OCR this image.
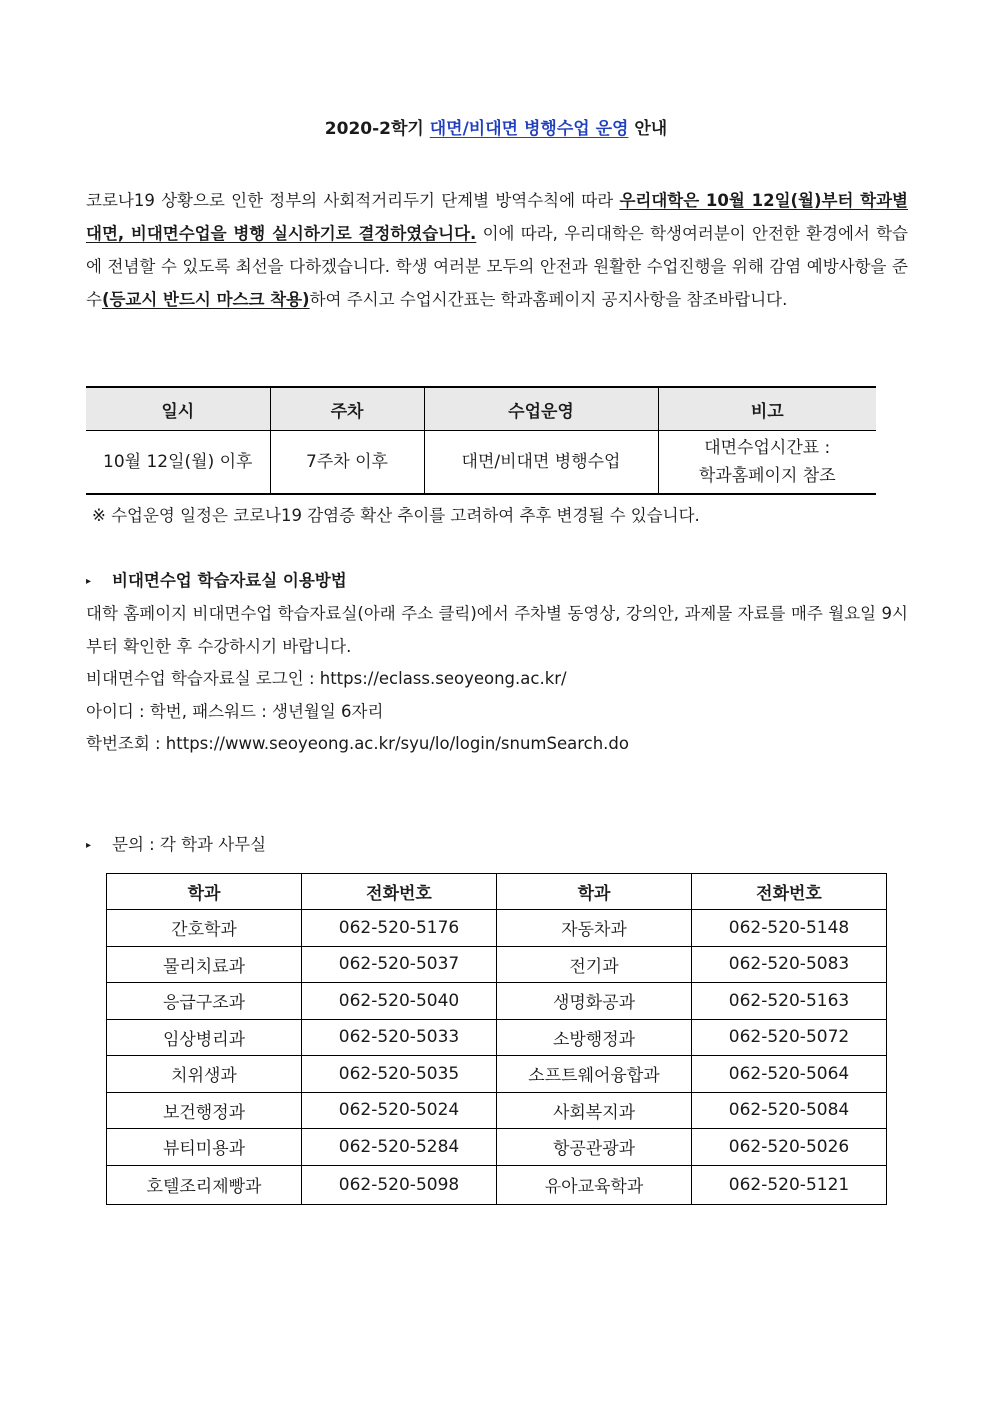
2020-2학기 대면/비대면 병행수업 운영 안내
코로나19 상황으로 인한 정부의 사회적거리두기 단계별 방역수칙에 따라 우리대학은 10월 12일(월)부터 학과별 대면, 비대면수업을 병행 실시하기로 결정하였습니다. 이에 따라, 우리대학은 학생여러분이 안전한 환경에서 학습에 전념할 수 있도록 최선을 다하겠습니다. 학생 여러분 모두의 안전과 원활한 수업진행을 위해 감염 예방사항을 준수(등교시 반드시 마스크 착용)하여 주시고 수업시간표는 학과홈페이지 공지사항을 참조바랍니다.
일시	주차	수업운영	비고
10월 12일(월) 이후	7주차 이후	대면/비대면 병행수업	대면수업시간표 :
학과홈페이지 참조
※ 수업운영 일정은 코로나19 감염증 확산 추이를 고려하여 추후 변경될 수 있습니다.
▸ 비대면수업 학습자료실 이용방법
대학 홈페이지 비대면수업 학습자료실(아래 주소 클릭)에서 주차별 동영상, 강의안, 과제물 자료를 매주 월요일 9시부터 확인한 후 수강하시기 바랍니다.
비대면수업 학습자료실 로그인 : https://eclass.seoyeong.ac.kr/
아이디 : 학번, 패스워드 : 생년월일 6자리
학번조회 : https://www.seoyeong.ac.kr/syu/lo/login/snumSearch.do
▸ 문의 : 각 학과 사무실
학과	전화번호	학과	전화번호
간호학과	062-520-5176	자동차과	062-520-5148
물리치료과	062-520-5037	전기과	062-520-5083
응급구조과	062-520-5040	생명화공과	062-520-5163
임상병리과	062-520-5033	소방행정과	062-520-5072
치위생과	062-520-5035	소프트웨어융합과	062-520-5064
보건행정과	062-520-5024	사회복지과	062-520-5084
뷰티미용과	062-520-5284	항공관광과	062-520-5026
호텔조리제빵과	062-520-5098	유아교육학과	062-520-5121
